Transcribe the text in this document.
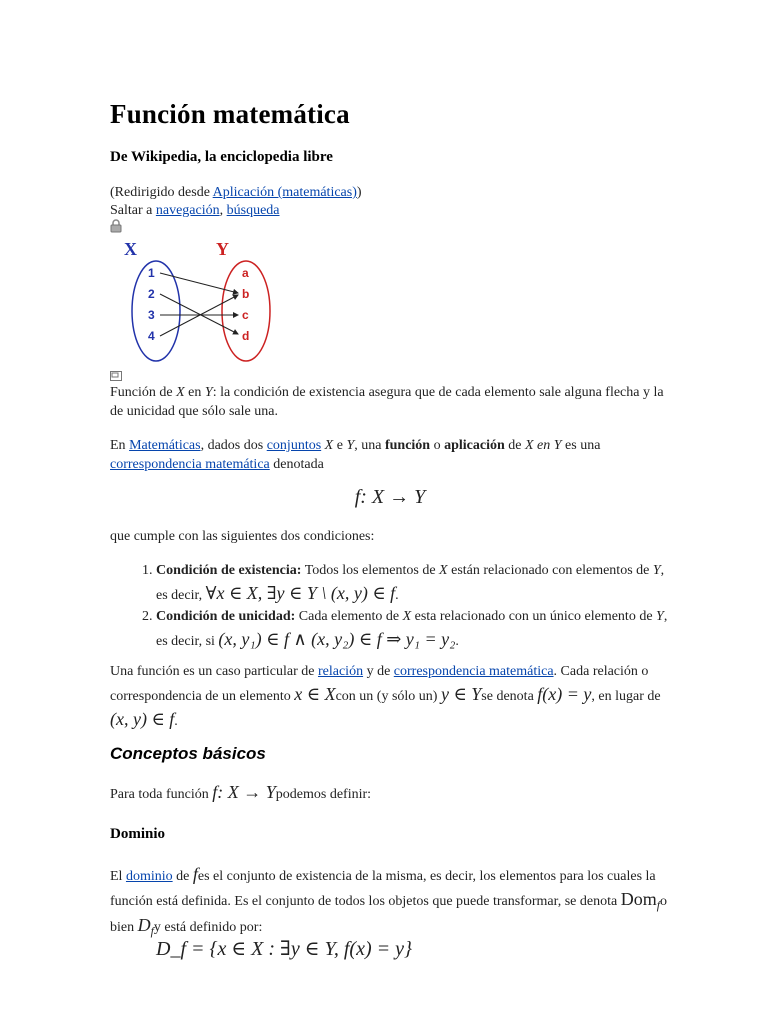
Función matemática
De Wikipedia, la enciclopedia libre
(Redirigido desde Aplicación (matemáticas))
Saltar a navegación, búsqueda
X	Y
1
2
3
4
a
b
c
d
Función de X en Y: la condición de existencia asegura que de cada elemento sale alguna flecha y la de unicidad que sólo sale una.
En Matemáticas, dados dos conjuntos X e Y, una función o aplicación de X en Y es una correspondencia matemática denotada
f: X → Y
que cumple con las siguientes dos condiciones:
1. Condición de existencia: Todos los elementos de X están relacionado con elementos de Y, es decir, ∀x ∈ X, ∃y ∈ Y \ (x, y) ∈ f.
2. Condición de unicidad: Cada elemento de X esta relacionado con un único elemento de Y, es decir, si (x, y₁) ∈ f ∧ (x, y₂) ∈ f ⇒ y₁ = y₂.
Una función es un caso particular de relación y de correspondencia matemática. Cada relación o correspondencia de un elemento x ∈ Xcon un (y sólo un) y ∈ Yse denota f(x) = y, en lugar de (x, y) ∈ f.
Conceptos básicos
Para toda función f: X → Ypodemos definir:
Dominio
El dominio de fes el conjunto de existencia de la misma, es decir, los elementos para los cuales la función está definida. Es el conjunto de todos los objetos que puede transformar, se denota Dom$_f$o bien $D_fy$ está definido por:
D_f = {x ∈ X : ∃y ∈ Y, f(x) = y}
